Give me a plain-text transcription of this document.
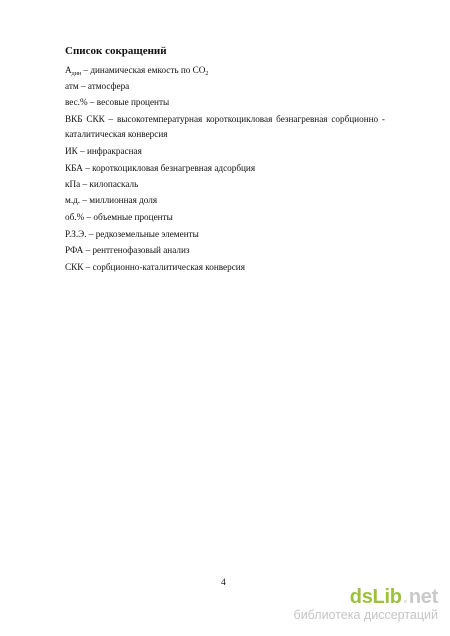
Список сокращений
$А_{дин}$ – динамическая емкость по $СО_2$
атм – атмосфера
вес.% – весовые проценты
ВКБ СКК – высокотемпературная короткоцикловая безнагревная сорбционно -
каталитическая конверсия
ИК – инфракрасная
КБА – короткоцикловая безнагревная адсорбция
кПа – килопаскаль
м.д. – миллионная доля
об.% – объемные проценты
Р.З.Э. – редкоземельные элементы
РФА – рентгенофазовый анализ
СКК – сорбционно-каталитическая конверсия
4
dsLib . net
библиотека диссертаций
